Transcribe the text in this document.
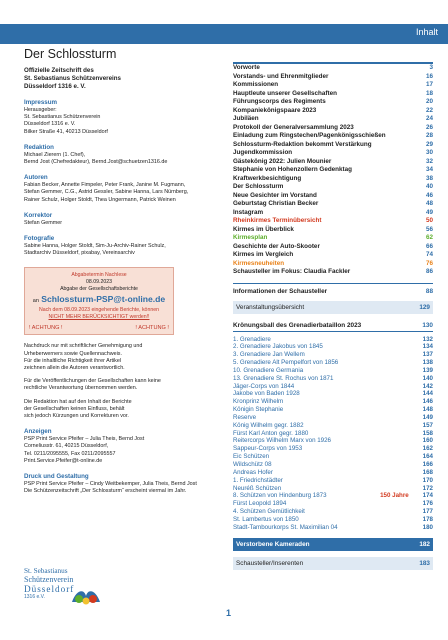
Inhalt
Der Schlossturm
Offizielle Zeitschrift des
St. Sebastianus Schützenvereins
Düsseldorf 1316 e. V.
Impressum
Herausgeber:
St. Sebastianus Schützenverein
Düsseldorf 1316 e. V.
Bilker Straße 41, 40213 Düsseldorf
Redaktion
Michael Zierern (1. Chef),
Bernd Jost (Chefredakteur), Bernd.Jost@schuetzen1316.de
Autoren
Fabian Becker, Annette Fimpeler, Peter Frank, Janine M. Fugmann,
Stefan Gemmer, C.G., Astrid Gessler, Sabine Hanna, Lars Nürnberg,
Rainer Schulz, Holger Stoldt, Thea Ungermann, Patrick Weinen
Korrektor
Stefan Gemmer
Fotografie
Sabine Hanna, Holger Stoldt, Sim-Ju-Archiv-Rainer Schulz,
Stadtarchiv Düsseldorf, pixabay, Vereinsarchiv
Abgabetermin Nachlese
08.09.2023
Abgabe der Gesellschaftsberichte
an Schlossturm-PSP@t-online.de
Nach dem 08.09.2023 eingehende Berichte, können
NICHT MEHR BERÜCKSICHTIGT werden!!
! ACHTUNG !	! ACHTUNG !
Nachdruck nur mit schriftlicher Genehmigung und
Urheberwerners sowie Quellennachweis.
Für die inhaltliche Richtigkeit ihrer Artikel
zeichnen allein die Autoren verantwortlich.
Für die Veröffentlichungen der Gesellschaften kann keine
rechtliche Verantwortung übernommen werden.
Die Redaktion hat auf den Inhalt der Berichte
der Gesellschaften keinen Einfluss, behält
sich jedoch Kürzungen und Korrekturen vor.
Anzeigen
PSP Print Service Pfeifer – Julia Theis, Bernd Jost
Corneliusstr. 61, 40215 Düsseldorf,
Tel. 0211/2095555, Fax 0211/2095557
Print.Service.Pfeifer@t-online.de
Druck und Gestaltung
PSP Print Service Pfeifer – Cindy Weitbekemper, Julia Theis, Bernd Jost
Die Schützenzeitschrift „Der Schlossturm“ erscheint viermal im Jahr.
St. Sebastianus
Schützenverein
Düsseldorf
1316 e.V.
Vorworte	3
Vorstands- und Ehrenmitglieder	16
Kommissionen	17
Hauptleute unserer Gesellschaften	18
Führungscorps des Regiments	20
Kompaniekönigspaare 2023	22
Jubiläen	24
Protokoll der Generalversammlung 2023	26
Einladung zum Ringstechen/Pagenkönigsschießen	28
Schlossturm-Redaktion bekommt Verstärkung	29
Jugendkommission	30
Gästekönig 2022: Julien Mounier	32
Stephanie von Hohenzollern Gedenktag	34
Kraftwerkbesichtigung	38
Der Schlossturm	40
Neue Gesichter im Vorstand	46
Geburtstag Christian Becker	48
Instagram	49
Rheinkirmes Terminübersicht	50
Kirmes im Überblick	56
Kirmesplan	62
Geschichte der Auto-Skooter	66
Kirmes im Vergleich	74
Kirmesneuheiten	76
Schausteller im Fokus: Claudia Fackler	86
Informationen der Schausteller	88
Veranstaltungsübersicht	129
Krönungsball des Grenadierbataillon 2023	130
1. Grenadiere	132
2. Grenadiere Jakobus von 1845	134
3. Grenadiere Jan Wellem	137
5. Grenadiere Alt Pempelfort von 1856	138
10. Grenadiere Germania	139
13. Grenadiere St. Rochus von 1871	140
Jäger-Corps von 1844	142
Jakobe von Baden 1928	144
Kronprinz Wilhelm	146
Königin Stephanie	148
Reserve	149
König Wilhelm gegr. 1882	157
Fürst Karl Anton gegr. 1880	158
Reitercorps Wilhelm Marx von 1926	160
Sappeur-Corps von 1953	162
Eic Schützen	164
Wildschütz 08	166
Andreas Hofer	168
1. Friedrichstädter	170
Neuréß Schützen	172
8. Schützen von Hindenburg 1873	150 Jahre 174
Fürst Leopold 1894	176
4. Schützen Gemütlichkeit	177
St. Lambertus von 1850	178
Stadt-Tambourkorps St. Maximilian 04	180
Verstorbene Kameraden	182
Schausteller/Inserenten	183
1
